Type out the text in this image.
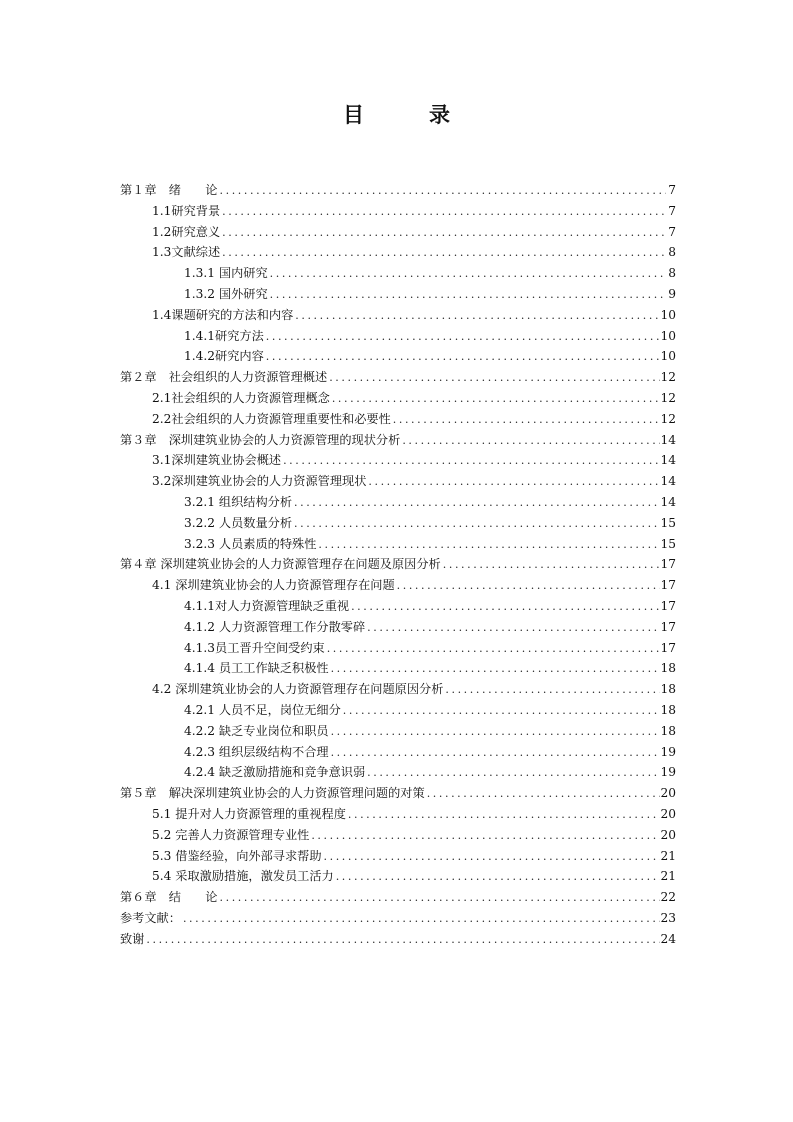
目　录
第１章　绪　　论 .....	7
1.1研究背景 .....	7
1.2研究意义 .....	7
1.3文献综述 .....	8
1.3.1 国内研究 .....	8
1.3.2 国外研究 .....	9
1.4课题研究的方法和内容 .....	10
1.4.1研究方法 .....	10
1.4.2研究内容 .....	10
第２章　社会组织的人力资源管理概述 .....	12
2.1社会组织的人力资源管理概念 .....	12
2.2社会组织的人力资源管理重要性和必要性 .....	12
第３章　深圳建筑业协会的人力资源管理的现状分析 .....	14
3.1深圳建筑业协会概述 .....	14
3.2深圳建筑业协会的人力资源管理现状 .....	14
3.2.1 组织结构分析 .....	14
3.2.2 人员数量分析 .....	15
3.2.3 人员素质的特殊性 .....	15
第４章 深圳建筑业协会的人力资源管理存在问题及原因分析 .....	17
4.1 深圳建筑业协会的人力资源管理存在问题 .....	17
4.1.1对人力资源管理缺乏重视 .....	17
4.1.2 人力资源管理工作分散零碎 .....	17
4.1.3员工晋升空间受约束 .....	17
4.1.4 员工工作缺乏积极性 .....	18
4.2 深圳建筑业协会的人力资源管理存在问题原因分析 .....	18
4.2.1 人员不足，岗位无细分 .....	18
4.2.2 缺乏专业岗位和职员 .....	18
4.2.3 组织层级结构不合理 .....	19
4.2.4 缺乏激励措施和竞争意识弱 .....	19
第５章　解决深圳建筑业协会的人力资源管理问题的对策 .....	20
5.1 提升对人力资源管理的重视程度 .....	20
5.2 完善人力资源管理专业性 .....	20
5.3 借鉴经验，向外部寻求帮助 .....	21
5.4 采取激励措施，激发员工活力 .....	21
第６章　结　　论 .....	22
参考文献： .....	23
致谢 .....	24
